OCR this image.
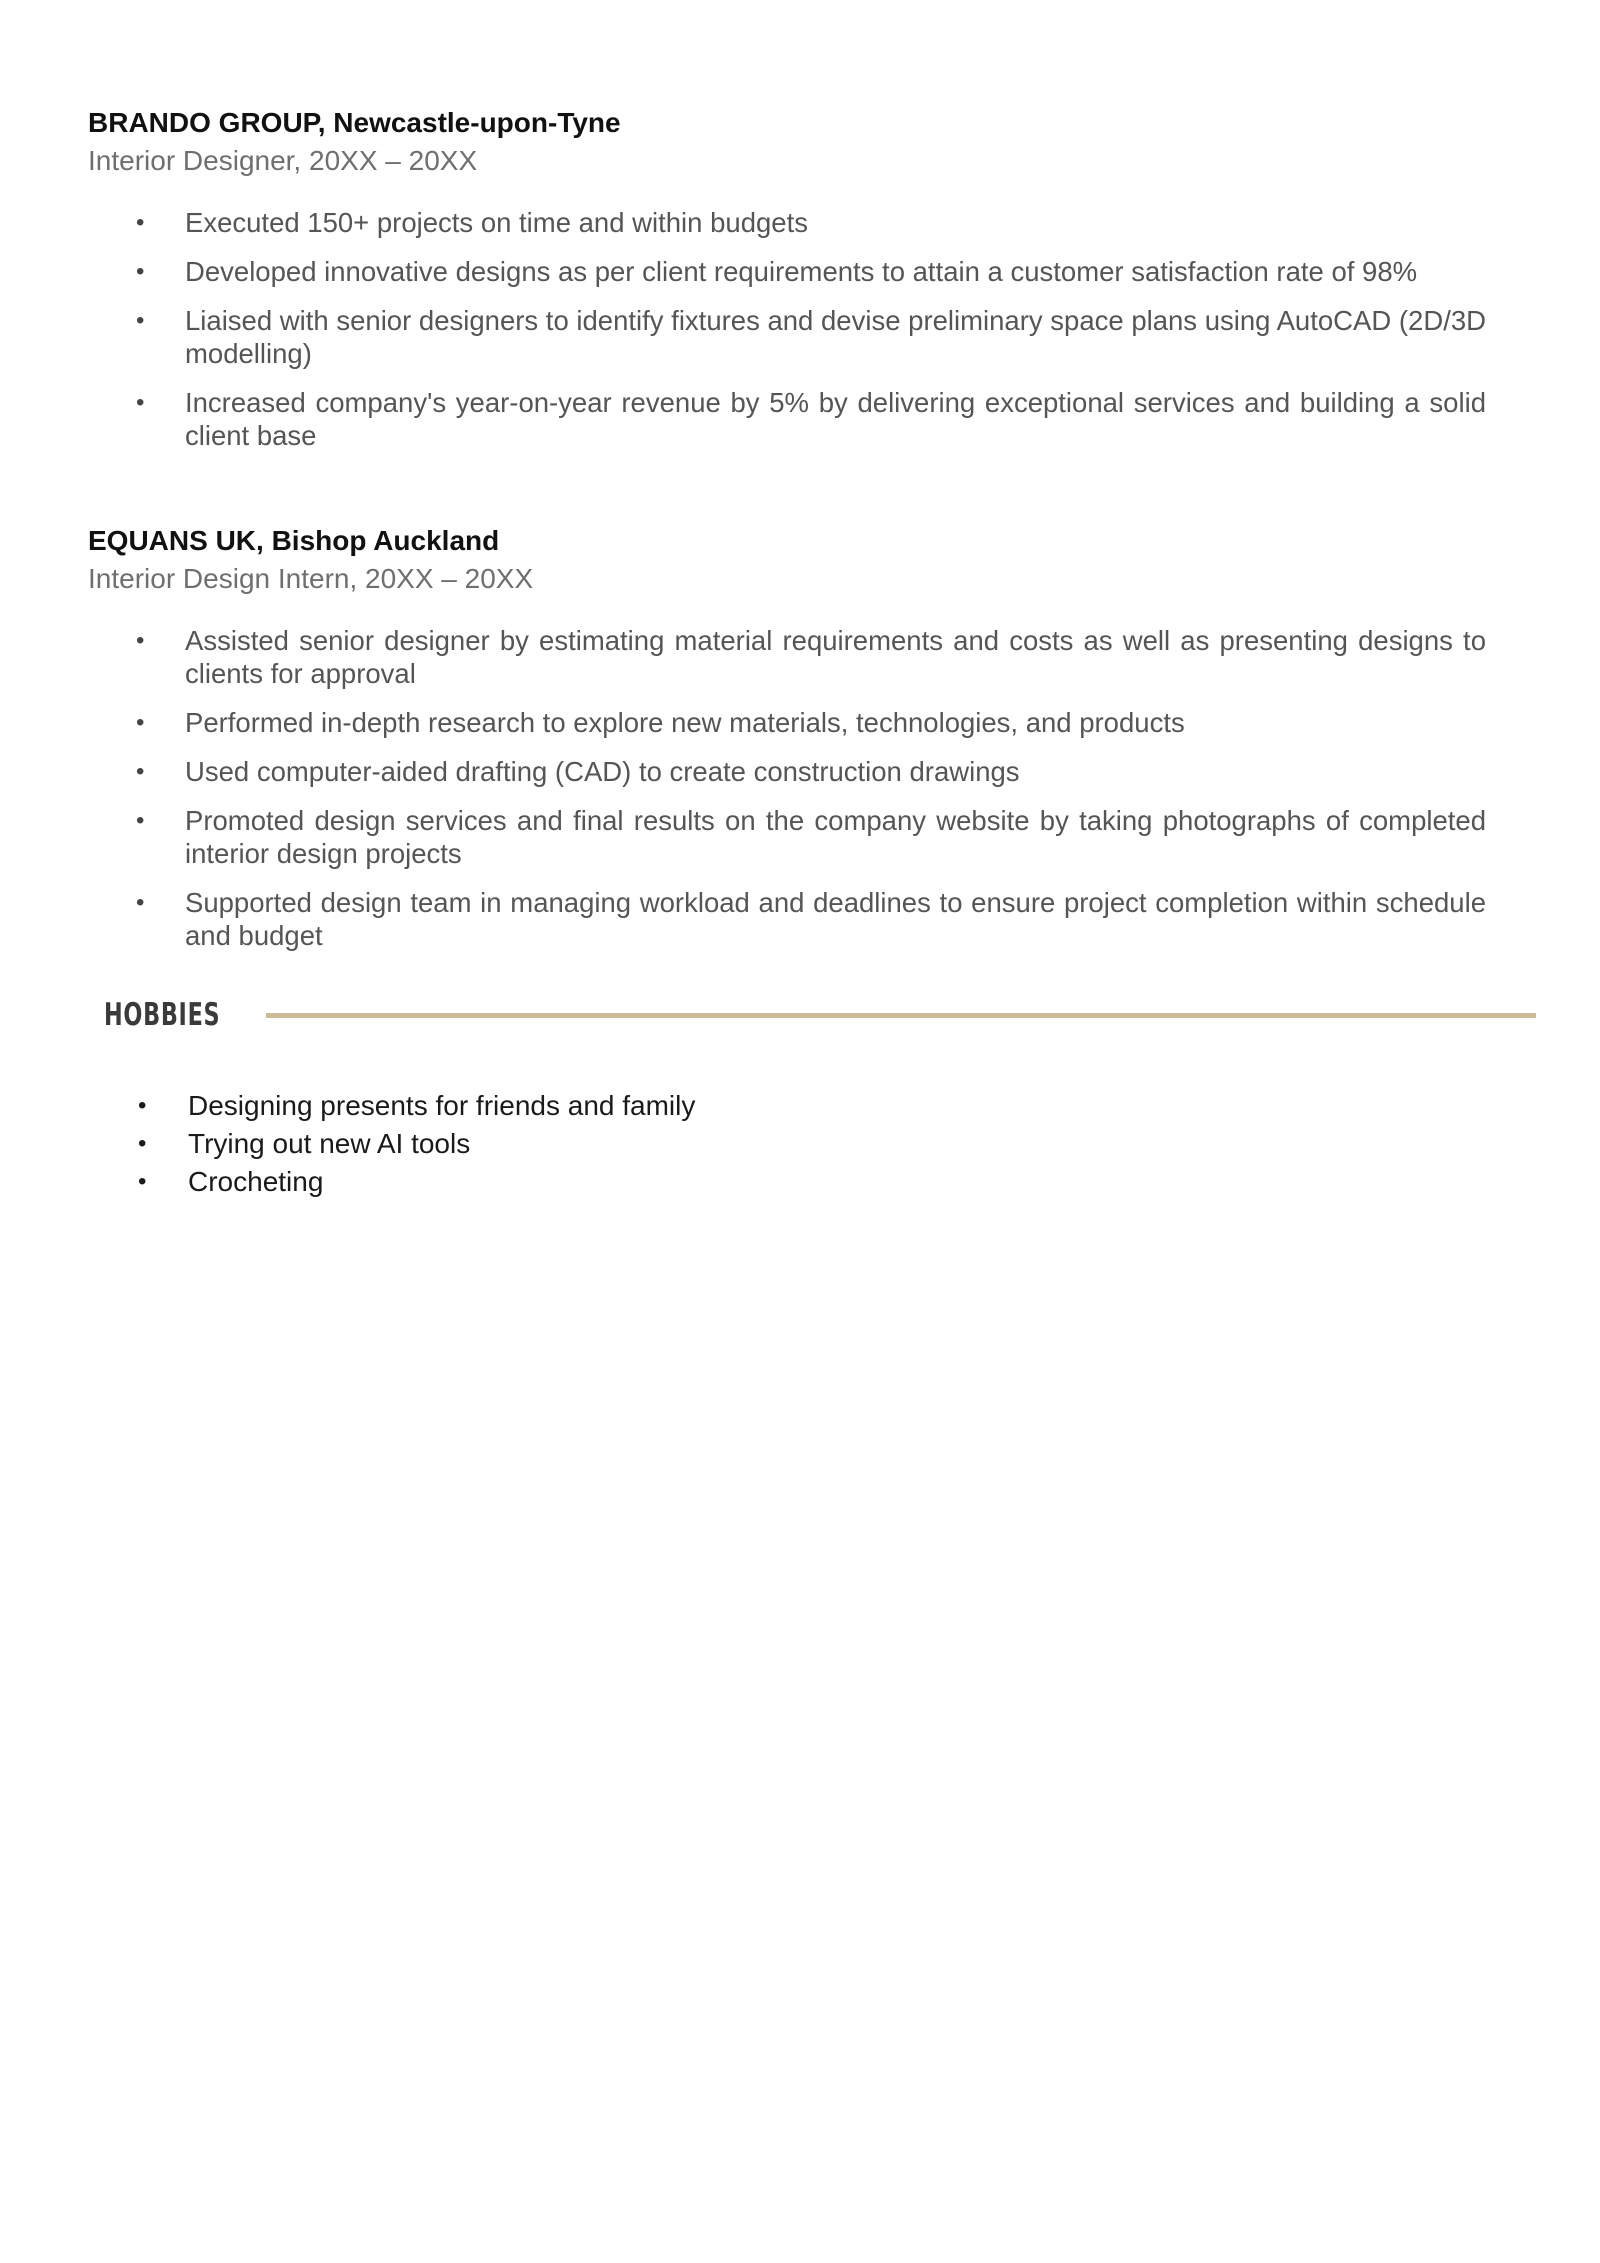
BRANDO GROUP, Newcastle-upon-Tyne

Interior Designer, 20XX – 20XX

• Executed 150+ projects on time and within budgets
• Developed innovative designs as per client requirements to attain a customer satisfaction rate of 98%
• Liaised with senior designers to identify fixtures and devise preliminary space plans using AutoCAD (2D/3D modelling)
• Increased company's year-on-year revenue by 5% by delivering exceptional services and building a solid client base

EQUANS UK, Bishop Auckland

Interior Design Intern, 20XX – 20XX

• Assisted senior designer by estimating material requirements and costs as well as presenting designs to clients for approval
• Performed in-depth research to explore new materials, technologies, and products
• Used computer-aided drafting (CAD) to create construction drawings
• Promoted design services and final results on the company website by taking photographs of completed interior design projects
• Supported design team in managing workload and deadlines to ensure project completion within schedule and budget
HOBBIES
• Designing presents for friends and family
• Trying out new AI tools
• Crocheting
